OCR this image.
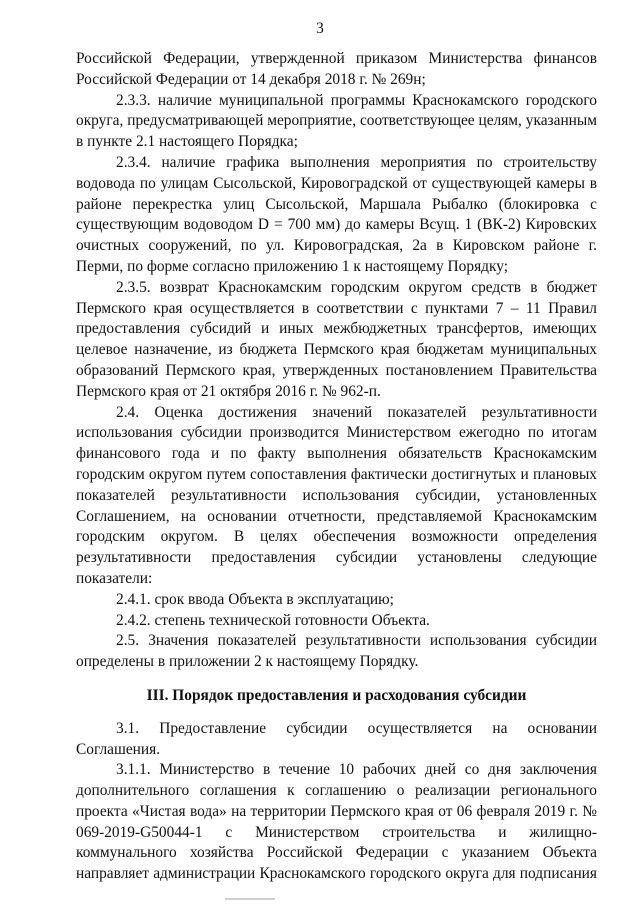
3

Российской Федерации, утвержденной приказом Министерства финансов Российской Федерации от 14 декабря 2018 г. № 269н;

2.3.3. наличие муниципальной программы Краснокамского городского округа, предусматривающей мероприятие, соответствующее целям, указанным в пункте 2.1 настоящего Порядка;

2.3.4. наличие графика выполнения мероприятия по строительству водовода по улицам Сысольской, Кировоградской от существующей камеры в районе перекрестка улиц Сысольской, Маршала Рыбалко (блокировка с существующим водоводом D = 700 мм) до камеры Всущ. 1 (ВК-2) Кировских очистных сооружений, по ул. Кировоградская, 2а в Кировском районе г. Перми, по форме согласно приложению 1 к настоящему Порядку;

2.3.5. возврат Краснокамским городским округом средств в бюджет Пермского края осуществляется в соответствии с пунктами 7 – 11 Правил предоставления субсидий и иных межбюджетных трансфертов, имеющих целевое назначение, из бюджета Пермского края бюджетам муниципальных образований Пермского края, утвержденных постановлением Правительства Пермского края от 21 октября 2016 г. № 962-п.

2.4. Оценка достижения значений показателей результативности использования субсидии производится Министерством ежегодно по итогам финансового года и по факту выполнения обязательств Краснокамским городским округом путем сопоставления фактически достигнутых и плановых показателей результативности использования субсидии, установленных Соглашением, на основании отчетности, представляемой Краснокамским городским округом. В целях обеспечения возможности определения результативности предоставления субсидии установлены следующие показатели:

2.4.1. срок ввода Объекта в эксплуатацию;

2.4.2. степень технической готовности Объекта.

2.5. Значения показателей результативности использования субсидии определены в приложении 2 к настоящему Порядку.

III. Порядок предоставления и расходования субсидии

3.1. Предоставление субсидии осуществляется на основании Соглашения.

3.1.1. Министерство в течение 10 рабочих дней со дня заключения дополнительного соглашения к соглашению о реализации регионального проекта «Чистая вода» на территории Пермского края от 06 февраля 2019 г. № 069-2019-G50044-1 с Министерством строительства и жилищно-коммунального хозяйства Российской Федерации с указанием Объекта направляет администрации Краснокамского городского округа для подписания
